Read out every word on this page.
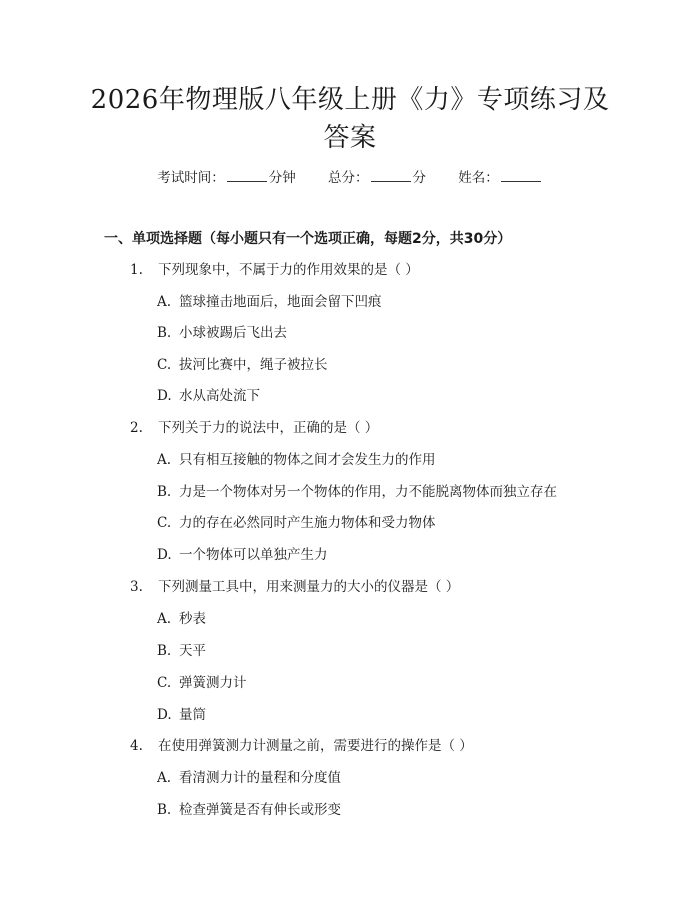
2026年物理版八年级上册《力》专项练习及
答案
考试时间：	分钟 总分：	分 姓名：
一、单项选择题（每小题只有一个选项正确，每题2分，共30分）
1. 下列现象中，不属于力的作用效果的是（ ）
A. 篮球撞击地面后，地面会留下凹痕
B. 小球被踢后飞出去
C. 拔河比赛中，绳子被拉长
D. 水从高处流下
2. 下列关于力的说法中，正确的是（ ）
A. 只有相互接触的物体之间才会发生力的作用
B. 力是一个物体对另一个物体的作用，力不能脱离物体而独立存在
C. 力的存在必然同时产生施力物体和受力物体
D. 一个物体可以单独产生力
3. 下列测量工具中，用来测量力的大小的仪器是（ ）
A. 秒表
B. 天平
C. 弹簧测力计
D. 量筒
4. 在使用弹簧测力计测量之前，需要进行的操作是（ ）
A. 看清测力计的量程和分度值
B. 检查弹簧是否有伸长或形变
